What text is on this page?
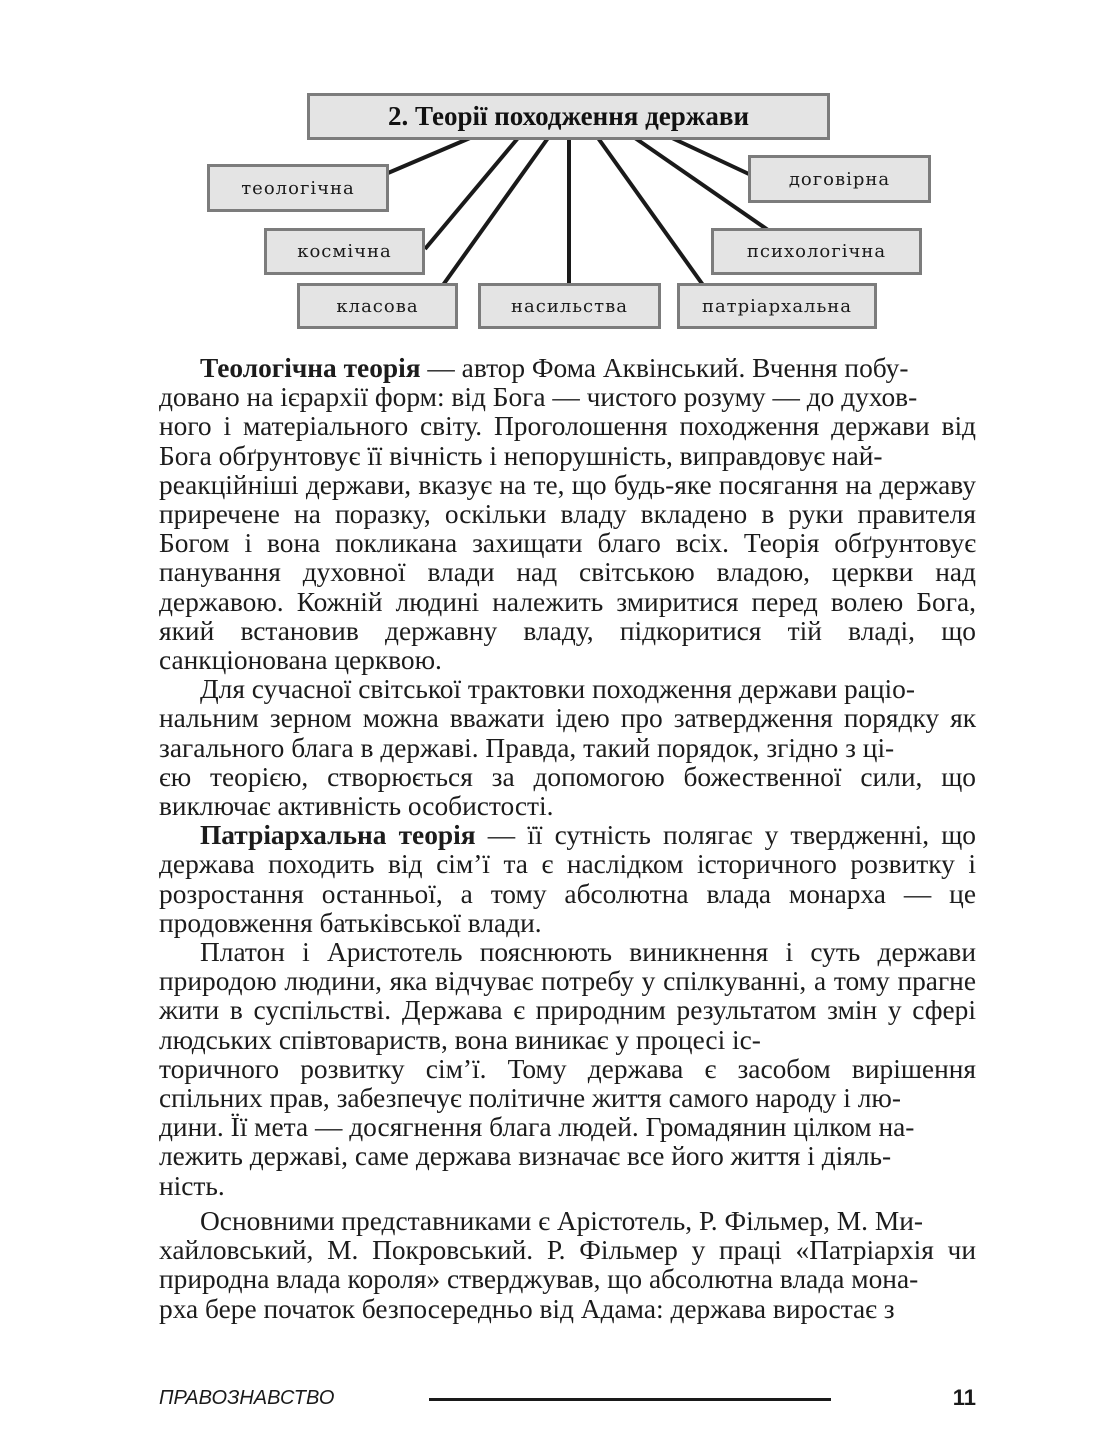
2. Теорії походження держави
теологічна
космічна
класова	насильства	патріархальна
психологічна
договірна

Теологічна теорія — автор Фома Аквінський. Вчення побу-
довано на ієрархії форм: від Бога — чистого розуму — до духов-
ного і матеріального світу. Проголошення походження держави від Бога обґрунтовує її вічність і непорушність, виправдовує най-
реакційніші держави, вказує на те, що будь-яке посягання на державу приречене на поразку, оскільки владу вкладено в руки правителя Богом і вона покликана захищати благо всіх. Теорія обґрунтовує панування духовної влади над світською владою, церкви над державою. Кожній людині належить змиритися перед волею Бога, який встановив державну владу, підкоритися тій владі, що санкціонована церквою.

Для сучасної світської трактовки походження держави раціо-
нальним зерном можна вважати ідею про затвердження порядку як загального блага в державі. Правда, такий порядок, згідно з ці-
єю теорією, створюється за допомогою божественної сили, що виключає активність особистості.

Патріархальна теорія — її сутність полягає у твердженні, що держава походить від сім’ї та є наслідком історичного розвитку і розростання останньої, а тому абсолютна влада монарха — це продовження батьківської влади.

Платон і Аристотель пояснюють виникнення і суть держави природою людини, яка відчуває потребу у спілкуванні, а тому прагне жити в суспільстві. Держава є природним результатом змін у сфері людських співтовариств, вона виникає у процесі іс-
торичного розвитку сім’ї. Тому держава є засобом вирішення спільних прав, забезпечує політичне життя самого народу і лю-
дини. Її мета — досягнення блага людей. Громадянин цілком на-
лежить державі, саме держава визначає все його життя і діяль-
ність.

Основними представниками є Арістотель, Р. Фільмер, М. Ми-
хайловський, М. Покровський. Р. Фільмер у праці «Патріархія чи природна влада короля» стверджував, що абсолютна влада мона-
рха бере початок безпосередньо від Адама: держава виростає з

ПРАВОЗНАВСТВО	11
